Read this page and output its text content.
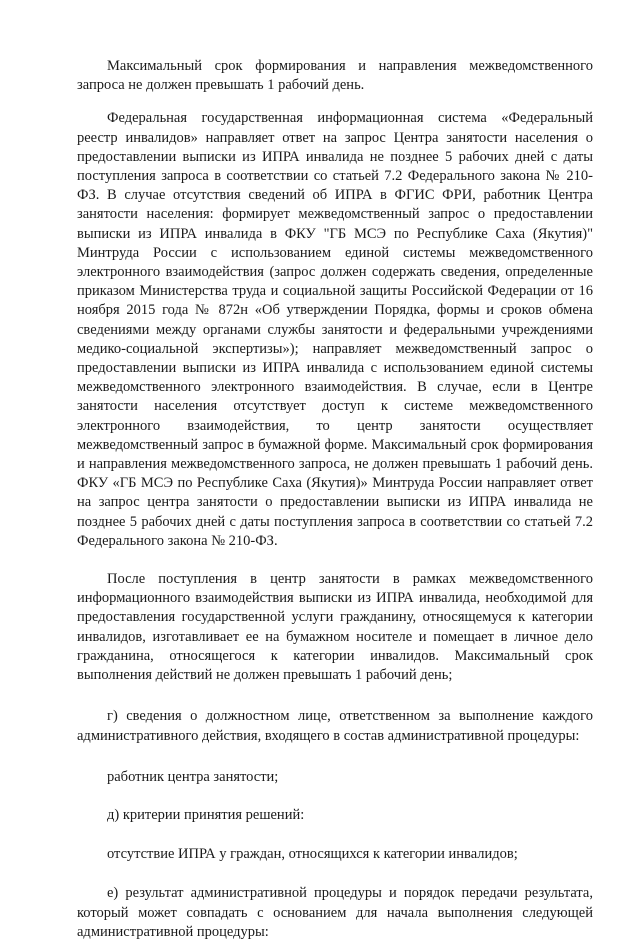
Максимальный срок формирования и направления межведомственного запроса не должен превышать 1 рабочий день.

Федеральная государственная информационная система «Федеральный реестр инвалидов» направляет ответ на запрос Центра занятости населения о предоставлении выписки из ИПРА инвалида не позднее 5 рабочих дней с даты поступления запроса в соответствии со статьей 7.2 Федерального закона № 210-ФЗ. В случае отсутствия сведений об ИПРА в ФГИС ФРИ, работник Центра занятости населения: формирует межведомственный запрос о предоставлении выписки из ИПРА инвалида в ФКУ "ГБ МСЭ по Республике Саха (Якутия)" Минтруда России с использованием единой системы межведомственного электронного взаимодействия (запрос должен содержать сведения, определенные приказом Министерства труда и социальной защиты Российской Федерации от 16 ноября 2015 года № 872н «Об утверждении Порядка, формы и сроков обмена сведениями между органами службы занятости и федеральными учреждениями медико-социальной экспертизы»); направляет межведомственный запрос о предоставлении выписки из ИПРА инвалида с использованием единой системы межведомственного электронного взаимодействия. В случае, если в Центре занятости населения отсутствует доступ к системе межведомственного электронного взаимодействия, то центр занятости осуществляет межведомственный запрос в бумажной форме. Максимальный срок формирования и направления межведомственного запроса, не должен превышать 1 рабочий день. ФКУ «ГБ МСЭ по Республике Саха (Якутия)» Минтруда России направляет ответ на запрос центра занятости о предоставлении выписки из ИПРА инвалида не позднее 5 рабочих дней с даты поступления запроса в соответствии со статьей 7.2 Федерального закона № 210-ФЗ.

После поступления в центр занятости в рамках межведомственного информационного взаимодействия выписки из ИПРА инвалида, необходимой для предоставления государственной услуги гражданину, относящемуся к категории инвалидов, изготавливает ее на бумажном носителе и помещает в личное дело гражданина, относящегося к категории инвалидов. Максимальный срок выполнения действий не должен превышать 1 рабочий день;

г) сведения о должностном лице, ответственном за выполнение каждого административного действия, входящего в состав административной процедуры:

работник центра занятости;

д) критерии принятия решений:

отсутствие ИПРА у граждан, относящихся к категории инвалидов;

е) результат административной процедуры и порядок передачи результата, который может совпадать с основанием для начала выполнения следующей административной процедуры:
